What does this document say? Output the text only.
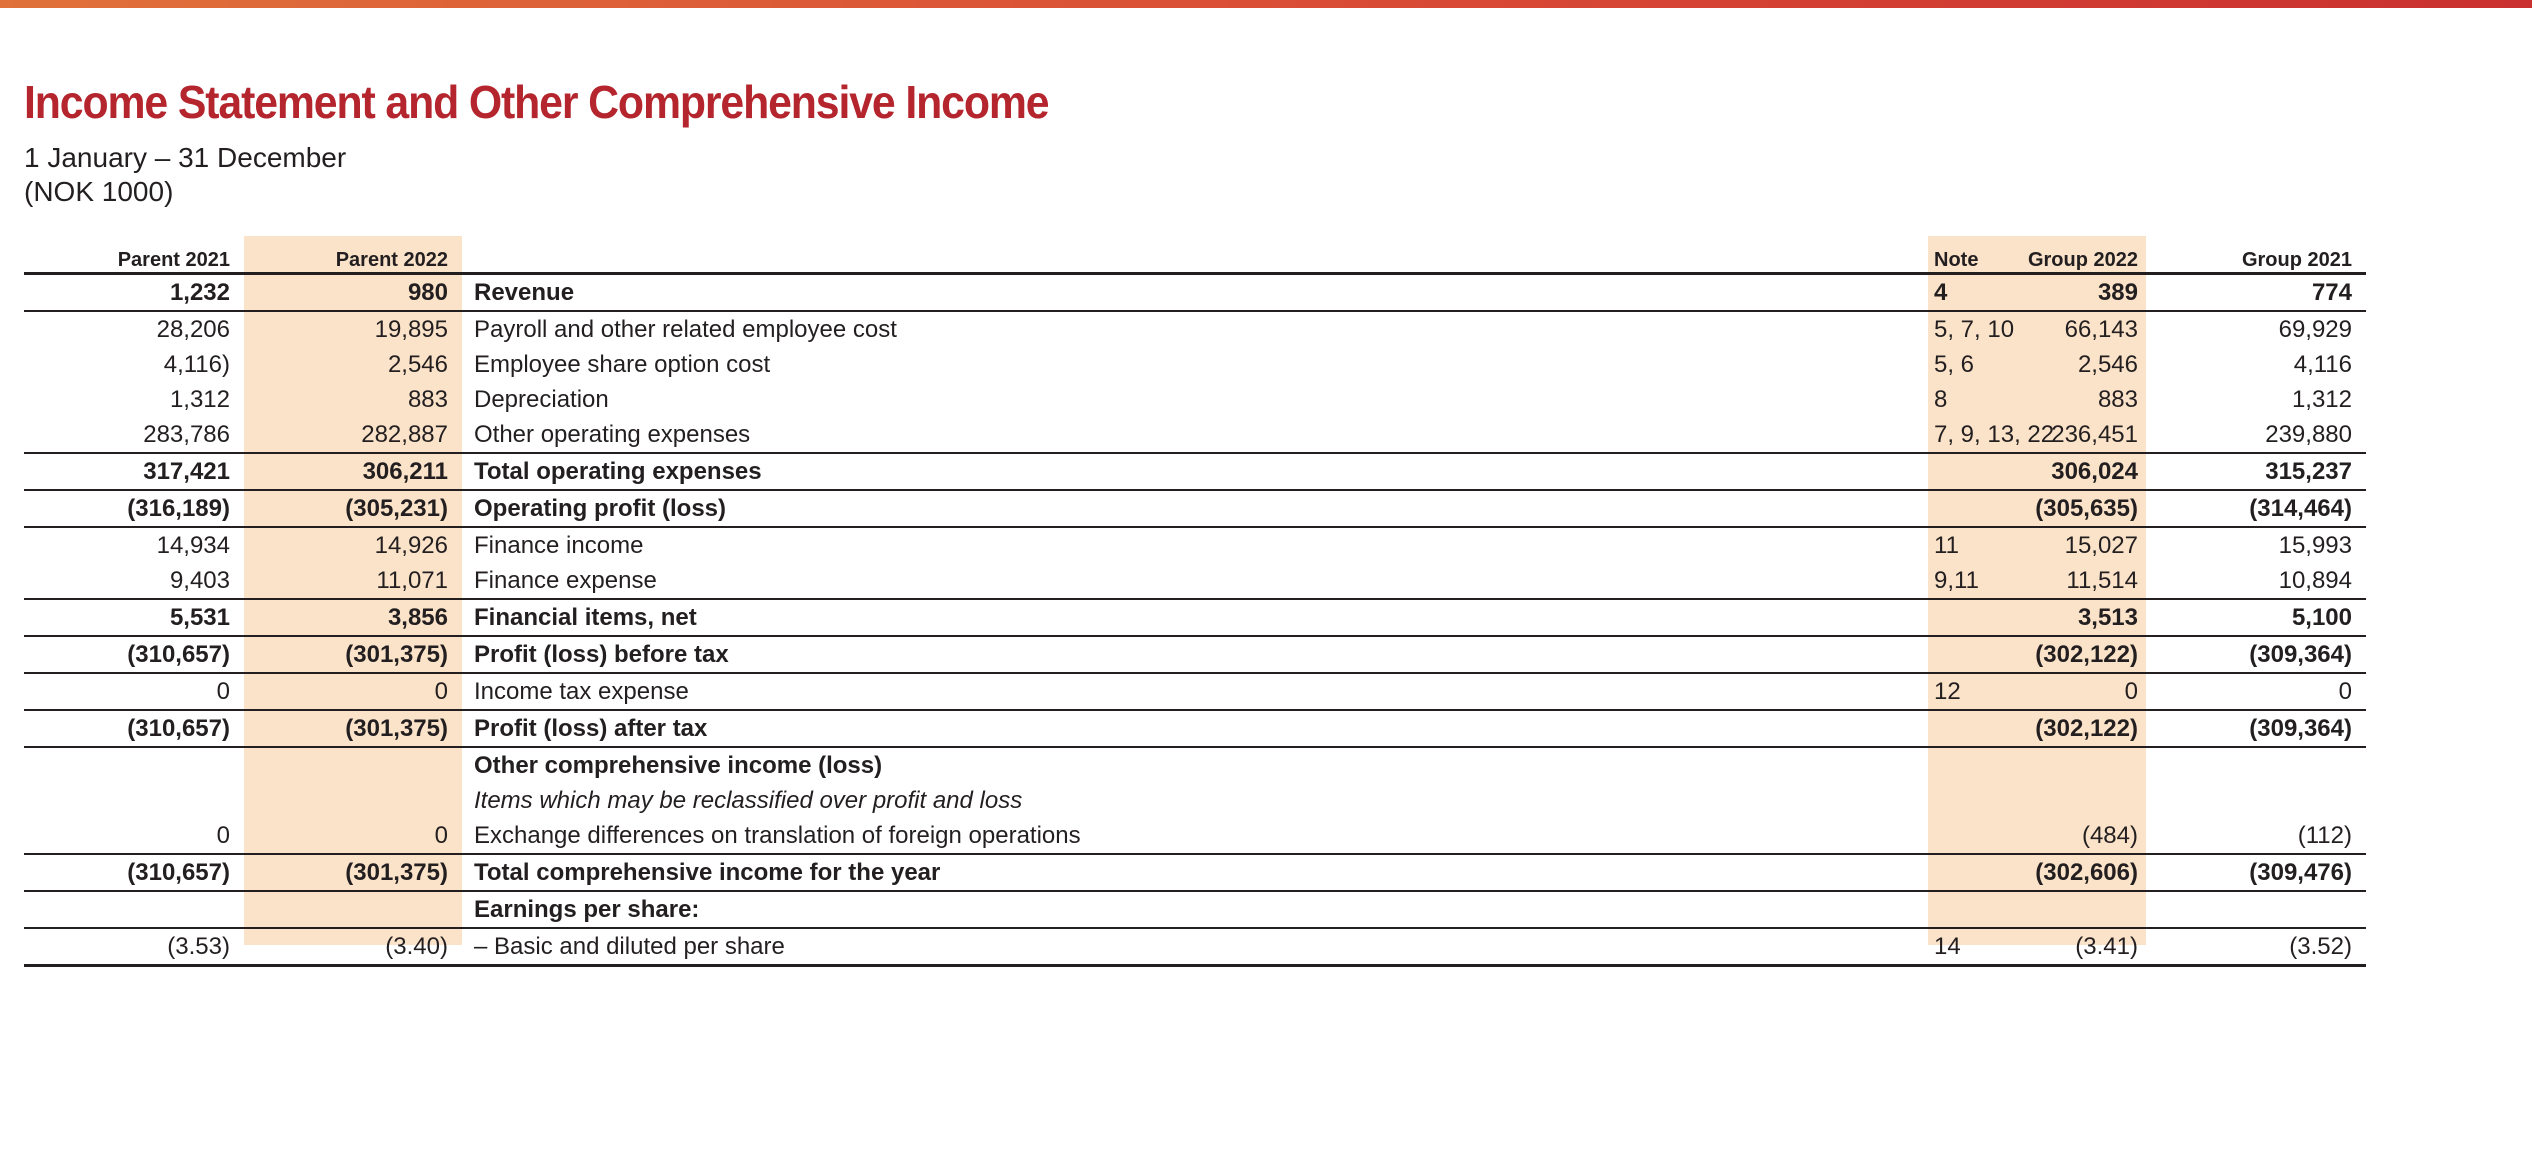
Income Statement and Other Comprehensive Income

1 January – 31 December

(NOK 1000)

Parent 2021	Parent 2022		Note	Group 2022	Group 2021
1,232	980	Revenue	4	389	774
28,206	19,895	Payroll and other related employee cost	5, 7, 10	66,143	69,929
4,116)	2,546	Employee share option cost	5, 6	2,546	4,116
1,312	883	Depreciation	8	883	1,312
283,786	282,887	Other operating expenses	7, 9, 13, 22	236,451	239,880
317,421	306,211	Total operating expenses		306,024	315,237
(316,189)	(305,231)	Operating profit (loss)		(305,635)	(314,464)
14,934	14,926	Finance income	11	15,027	15,993
9,403	11,071	Finance expense	9,11	11,514	10,894
5,531	3,856	Financial items, net		3,513	5,100
(310,657)	(301,375)	Profit (loss) before tax		(302,122)	(309,364)
0	0	Income tax expense	12	0	0
(310,657)	(301,375)	Profit (loss) after tax		(302,122)	(309,364)
		Other comprehensive income (loss)			
		Items which may be reclassified over profit and loss			
0	0	Exchange differences on translation of foreign operations		(484)	(112)
(310,657)	(301,375)	Total comprehensive income for the year		(302,606)	(309,476)
		Earnings per share:			
(3.53)	(3.40)	– Basic and diluted per share	14	(3.41)	(3.52)
